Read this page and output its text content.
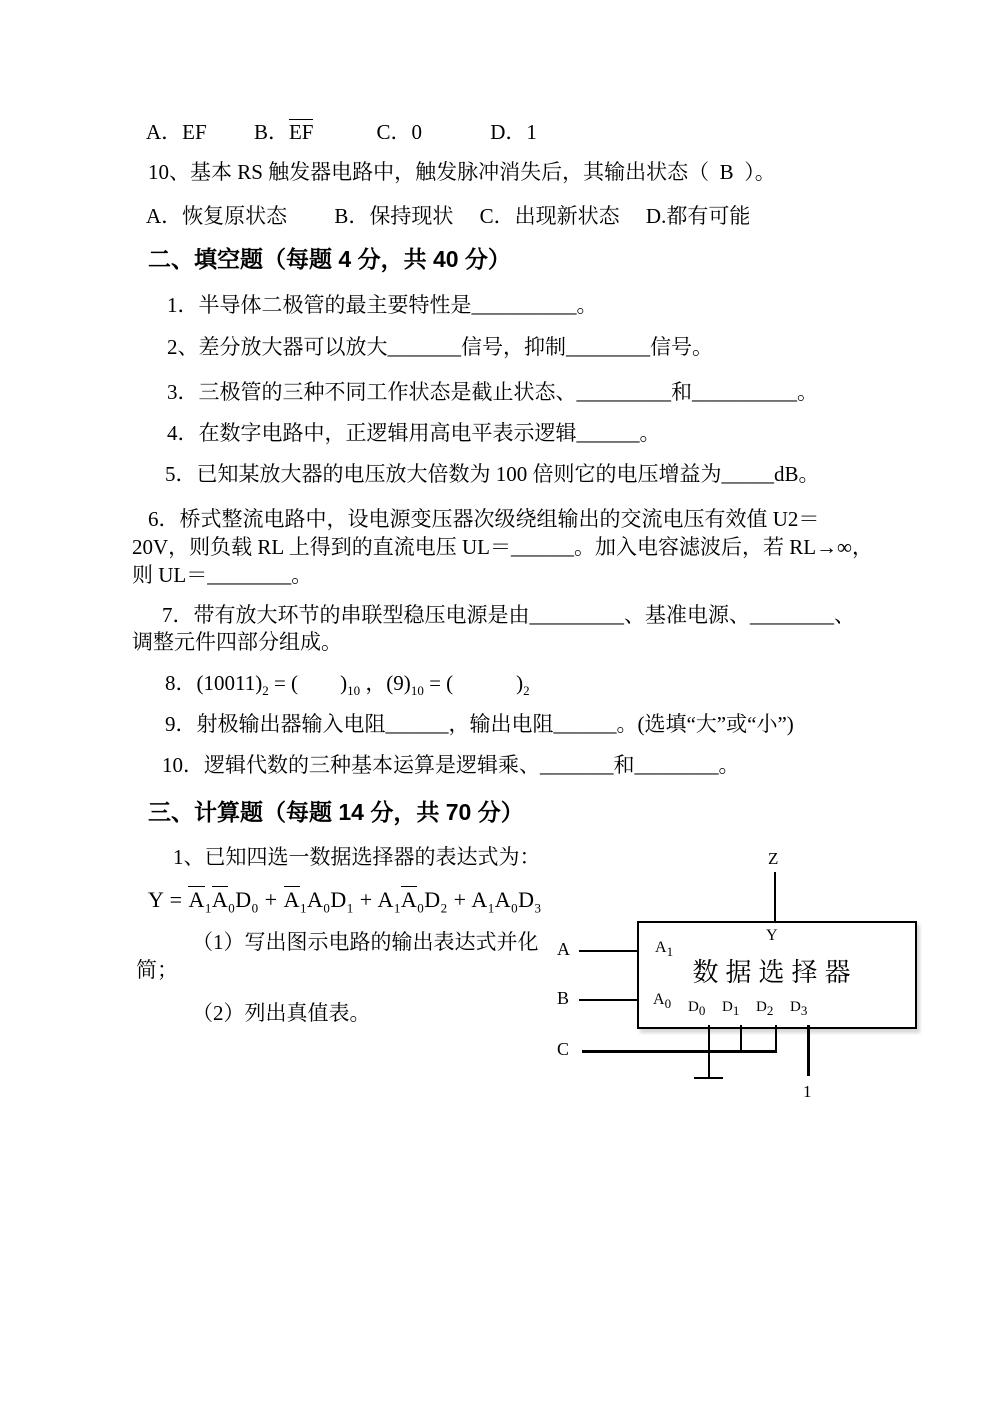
A．EF　　 B．EF　　　	C．0　　　	D．1
10、基本 RS 触发器电路中，触发脉冲消失后，其输出状态（  B  ）。
A．恢复原状态　　 B．保持现状　 C．出现新状态　 D.都有可能
二、填空题（每题 4 分，共 40 分）
1．半导体二极管的最主要特性是__________。
2、差分放大器可以放大_______信号，抑制________信号。
3．三极管的三种不同工作状态是截止状态、_________和__________。
4．在数字电路中，正逻辑用高电平表示逻辑______。
5．已知某放大器的电压放大倍数为 100 倍则它的电压增益为_____dB。
6．桥式整流电路中，设电源变压器次级绕组输出的交流电压有效值 U2＝
20V，则负载 RL 上得到的直流电压 UL＝______。加入电容滤波后，若 RL→∞，
则 UL＝________。
7．带有放大环节的串联型稳压电源是由_________、基准电源、________、
调整元件四部分组成。
8．$(10011)_2$ = (　　 )$_{10}$ ，$(9)_{10}$ = (　　　	)$_2$
9．射极输出器输入电阻______，输出电阻______。(选填“大”或“小”)
10．逻辑代数的三种基本运算是逻辑乘、_______和________。
三、计算题（每题 14 分，共 70 分）
1、已知四选一数据选择器的表达式为：
$Y = A_1A_0D_0 + A_1A_0D_1 + A_1A_0D_2 + A_1A_0D_3$
（1）写出图示电路的输出表达式并化
简；
（2）列出真值表。
Z
Y
$A_1$
$A_0$
数据选择器
$D_0$ $D_1$ $D_2$ $D_3$
A
B
C
1
